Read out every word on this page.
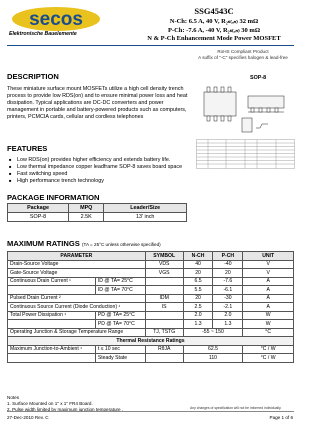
secos
Elektronische Bauelemente
SSG4543C
N-Ch: 6.5 A, 40 V, R₂ₛ₍ₒₙ₎ 32 mΩ
P-Ch: -7.6 A, -40 V, R₂ₛ₍ₒₙ₎ 30 mΩ
N & P-Ch Enhancement Mode Power MOSFET
RoHS Compliant Product
A suffix of "-C" specifies halogen & lead-free
DESCRIPTION
These miniature surface mount MOSFETs utilize a high cell density trench process to provide low RDS(on) and to ensure minimal power loss and heat dissipation. Typical applications are DC-DC converters and power management in portable and battery-powered products such as computers, printers, PCMCIA cards, cellular and cordless telephones
SOP-8
FEATURES
■ Low RDS(on) provides higher efficiency and extends battery life.
■ Low thermal impedance copper leadframe SOP-8 saves board space
■ Fast switching speed
■ High performance trench technology
PACKAGE INFORMATION
Package	MPQ	Leader/Size
SOP-8	2.5K	13' inch
MAXIMUM RATINGS (TA = 25°C unless otherwise specified)
PARAMETER		SYMBOL	N-CH	P-CH	UNIT
Drain-Source Voltage		VDS	40	-40	V
Gate-Source Voltage		VGS	20	20	V
Continuous Drain Current ¹	ID @ TA= 25°C		6.5	-7.6	A
	ID @ TA= 70°C		5.5	-6.1	A
Pulsed Drain Current ²		IDM	20	-30	A
Continuous Source Current (Diode Conduction) ¹		IS	2.5	-2.1	A
Total Power Dissipation ¹	PD @ TA= 25°C		2.0	2.0	W
	PD @ TA= 70°C		1.3	1.3	W
Operating Junction & Storage Temperature Range		TJ, TSTG	-55 ~ 150		°C
Thermal Resistance Ratings					
Maximum Junction-to-Ambient ¹	t ≤ 10 sec	RθJA	62.5		°C / W
	Steady State		110		°C / W
Notes
1. Surface Mounted on 1" x 1" FR4 Board.
2. Pulse width limited by maximum junction temperature .	Any changes of specification will not be informed individually.
27-Dec-2010 Rev. C	Page 1 of 6
